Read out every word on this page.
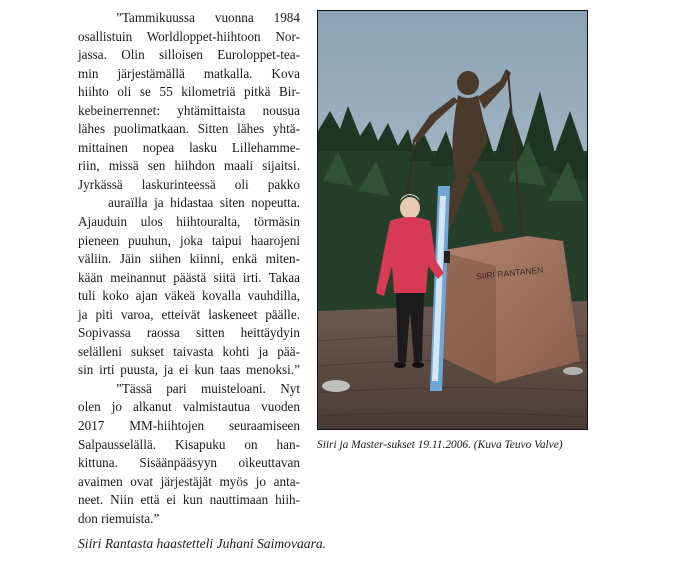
”Tammikuussa vuonna 1984
osallistuin Worldloppet-hiihtoon Nor-
jassa. Olin silloisen Euroloppet-tea-
min järjestämällä matkalla. Kova
hiihto oli se 55 kilometriä pitkä Bir-
kebeinerrennet: yhtämittaista nousua
lähes puolimatkaan. Sitten lähes yhtä-
mittainen nopea lasku Lillehamme-
riin, missä sen hiihdon maali sijaitsi.
Jyrkässä laskurinteessä oli pakko
auraïlla ja hidastaa siten nopeutta.
Ajauduin ulos hiihtouralta, törmäsin
pieneen puuhun, joka taipui haarojeni
väliin. Jäin siihen kiinni, enkä miten-
kään meinannut päästä siitä irti. Takaa
tuli koko ajan väkeä kovalla vauhdilla,
ja piti varoa, etteivät laskeneet päälle.
Sopivassa raossa sitten heittäydyin
selälleni sukset taivasta kohti ja pää-
sin irti puusta, ja ei kun taas menoksi.”
”Tässä pari muisteloani. Nyt
olen jo alkanut valmistautua vuoden
2017 MM-hiihtojen seuraamiseen
Salpausselällä. Kisapuku on han-
kittuna. Sisäänpääsyyn oikeuttavan
avaimen ovat järjestäjät myös jo anta-
neet. Niin että ei kun nauttimaan hiih-
don riemuista.”
SIIRI RANTANEN
Siiri ja Master-sukset 19.11.2006. (Kuva Teuvo Valve)
Siiri Rantasta haastetteli Juhani Saimovaara.
